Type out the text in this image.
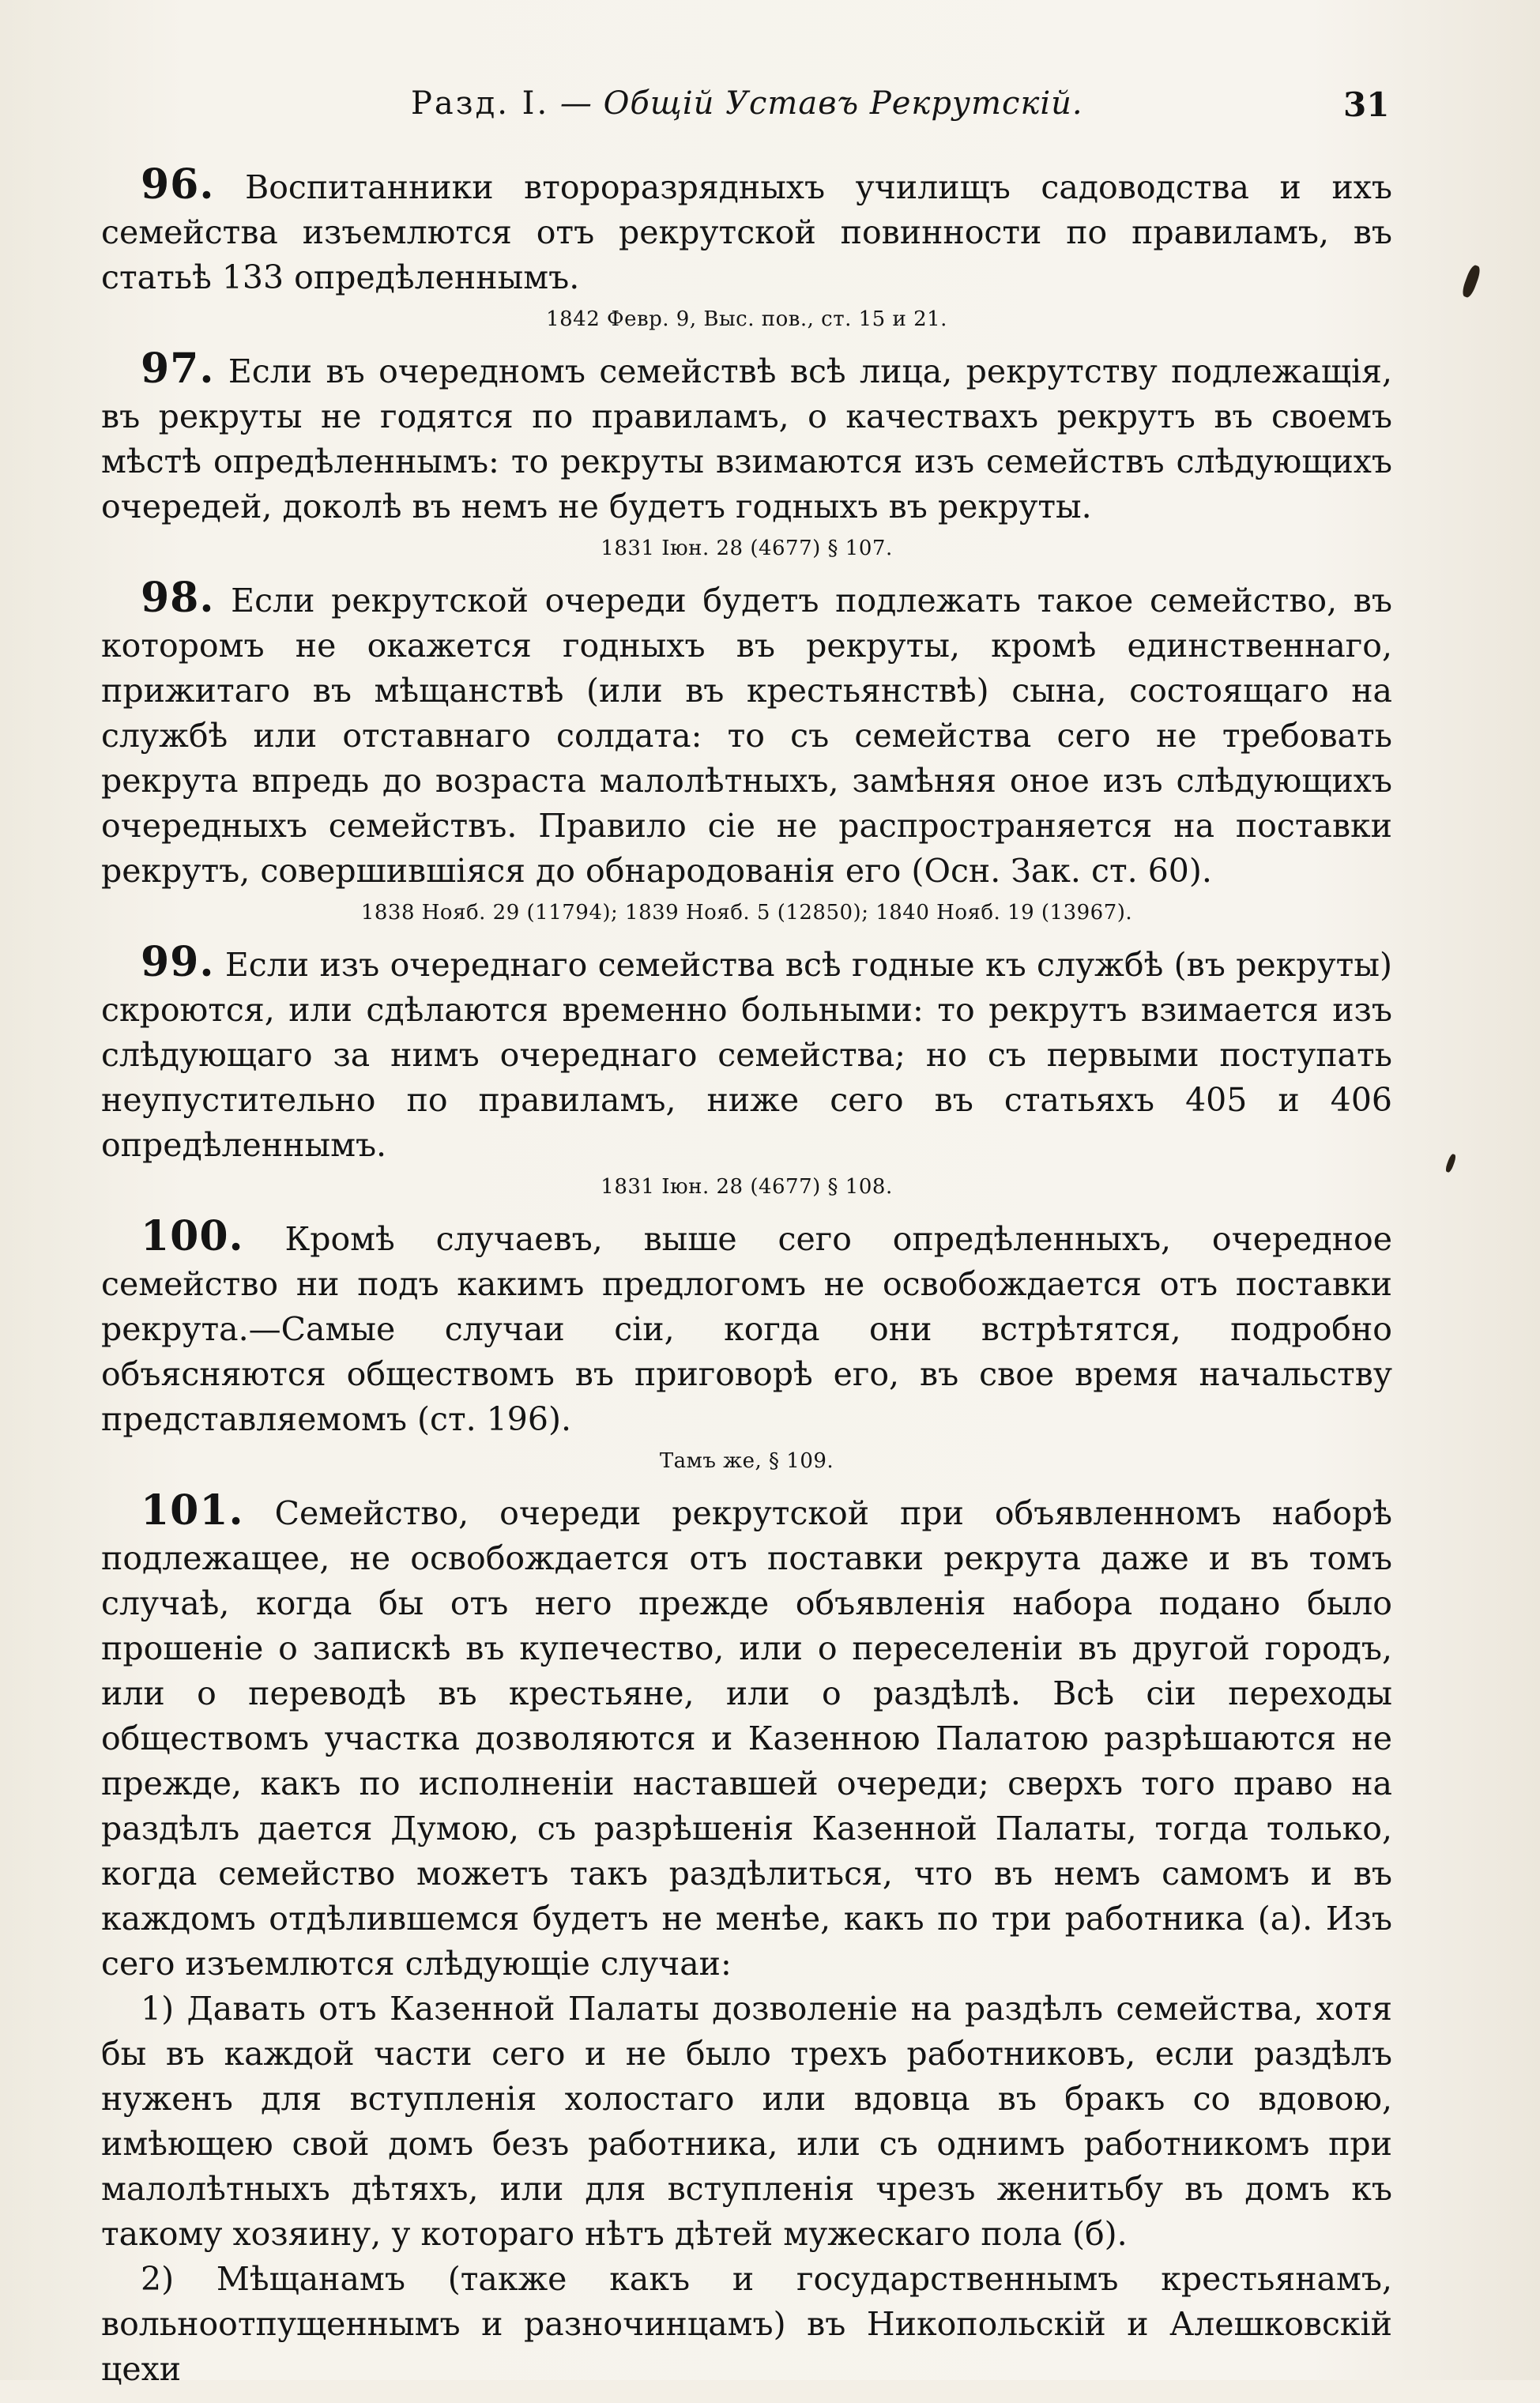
Разд. I. — Общій Уставъ Рекрутскій.	31

96. Воспитанники второразрядныхъ училищъ садоводства и ихъ семейства изъемлются отъ рекрутской повинности по правиламъ, въ статьѣ 133 опредѣленнымъ.

1842 Февр. 9, Выс. пов., ст. 15 и 21.

97. Если въ очередномъ семействѣ всѣ лица, рекрутству подлежащія, въ рекруты не годятся по правиламъ, о качествахъ рекрутъ въ своемъ мѣстѣ опредѣленнымъ: то рекруты взимаются изъ семействъ слѣдующихъ очередей, доколѣ въ немъ не будетъ годныхъ въ рекруты.

1831 Іюн. 28 (4677) § 107.

98. Если рекрутской очереди будетъ подлежать такое семейство, въ которомъ не окажется годныхъ въ рекруты, кромѣ единственнаго, прижитаго въ мѣщанствѣ (или въ крестьянствѣ) сына, состоящаго на службѣ или отставнаго солдата: то съ семейства сего не требовать рекрута впредь до возраста малолѣтныхъ, замѣняя оное изъ слѣдующихъ очередныхъ семействъ. Правило сіе не распространяется на поставки рекрутъ, совершившіяся до обнародованія его (Осн. Зак. ст. 60).

1838 Нояб. 29 (11794); 1839 Нояб. 5 (12850); 1840 Нояб. 19 (13967).

99. Если изъ очереднаго семейства всѣ годные къ службѣ (въ рекруты) скроются, или сдѣлаются временно больными: то рекрутъ взимается изъ слѣдующаго за нимъ очереднаго семейства; но съ первыми поступать неупустительно по правиламъ, ниже сего въ статьяхъ 405 и 406 опредѣленнымъ.

1831 Іюн. 28 (4677) § 108.

100. Кромѣ случаевъ, выше сего опредѣленныхъ, очередное семейство ни подъ какимъ предлогомъ не освобождается отъ поставки рекрута.—Самые случаи сіи, когда они встрѣтятся, подробно объясняются обществомъ въ приговорѣ его, въ свое время начальству представляемомъ (ст. 196).

Тамъ же, § 109.

101. Семейство, очереди рекрутской при объявленномъ наборѣ подлежащее, не освобождается отъ поставки рекрута даже и въ томъ случаѣ, когда бы отъ него прежде объявленія набора подано было прошеніе о запискѣ въ купечество, или о переселеніи въ другой городъ, или о переводѣ въ крестьяне, или о раздѣлѣ. Всѣ сіи переходы обществомъ участка дозволяются и Казенною Палатою разрѣшаются не прежде, какъ по исполненіи наставшей очереди; сверхъ того право на раздѣлъ дается Думою, съ разрѣшенія Казенной Палаты, тогда только, когда семейство можетъ такъ раздѣлиться, что въ немъ самомъ и въ каждомъ отдѣлившемся будетъ не менѣе, какъ по три работника (а). Изъ сего изъемлются слѣдующіе случаи:

1) Давать отъ Казенной Палаты дозволеніе на раздѣлъ семейства, хотя бы въ каждой части сего и не было трехъ работниковъ, если раздѣлъ нуженъ для вступленія холостаго или вдовца въ бракъ со вдовою, имѣющею свой домъ безъ работника, или съ однимъ работникомъ при малолѣтныхъ дѣтяхъ, или для вступленія чрезъ женитьбу въ домъ къ такому хозяину, у котораго нѣтъ дѣтей мужескаго пола (б).

2) Мѣщанамъ (также какъ и государственнымъ крестьянамъ, вольноотпущеннымъ и разночинцамъ) въ Никопольскій и Алешковскій цехи
